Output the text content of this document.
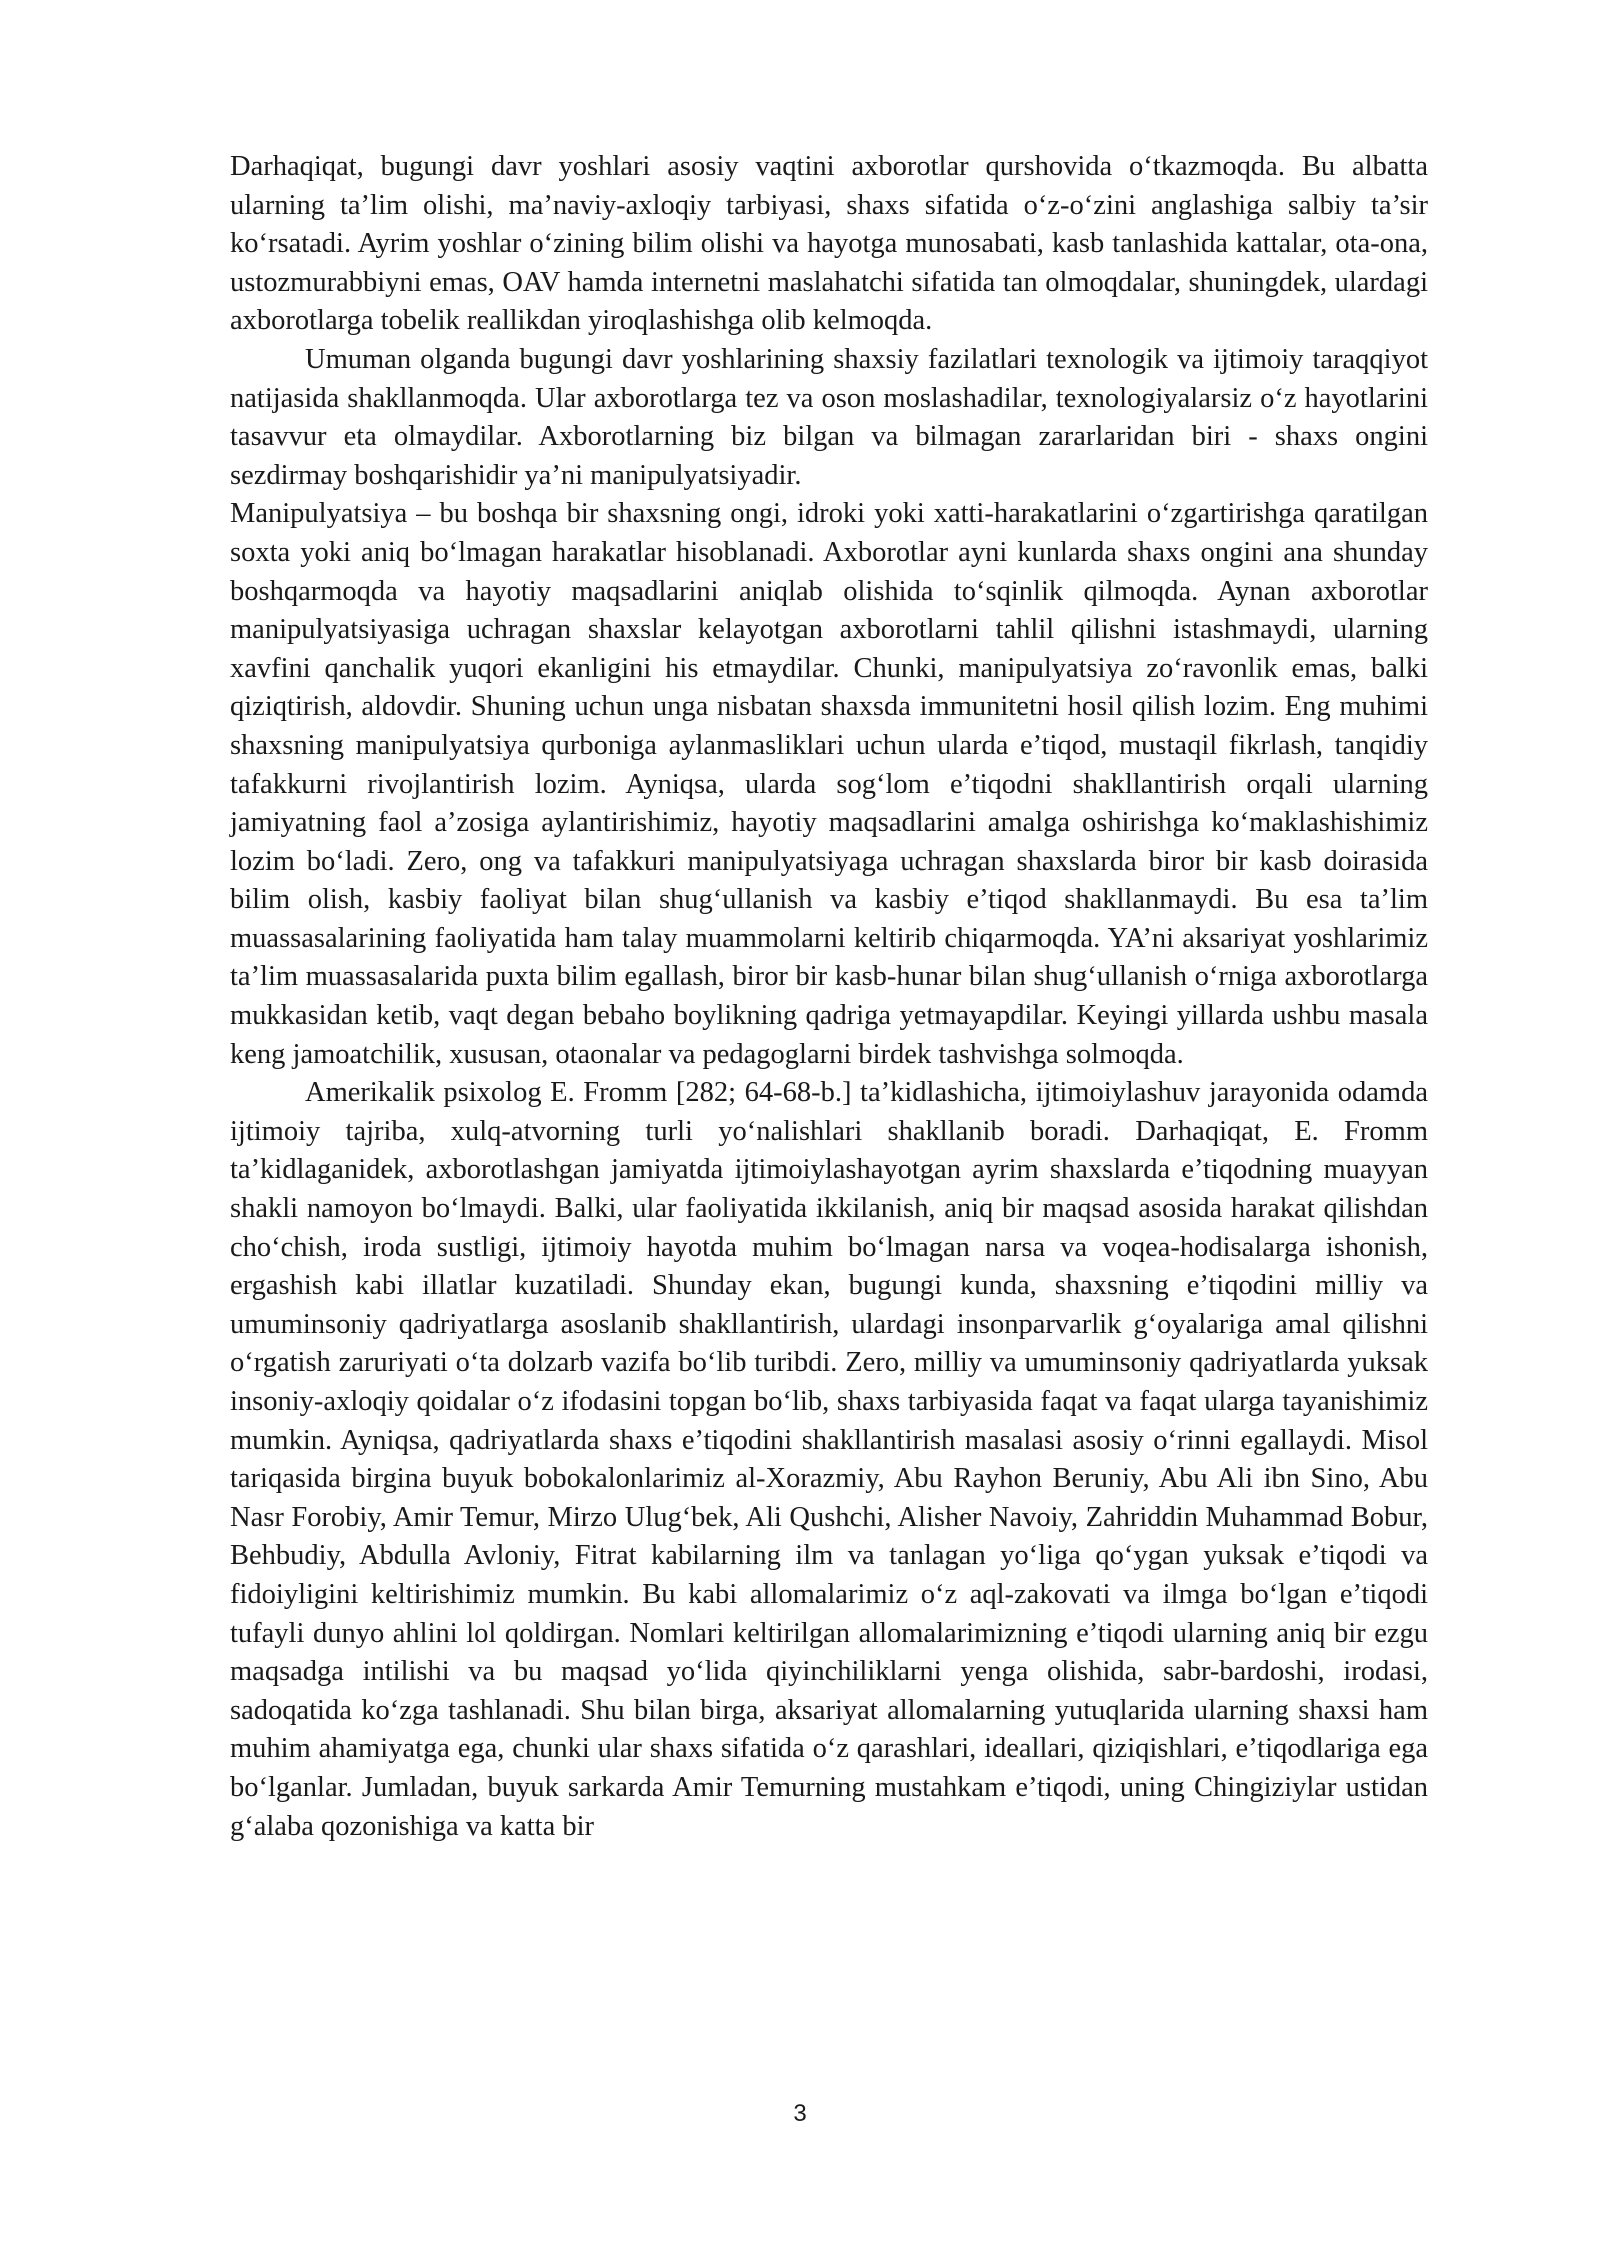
Darhaqiqat, bugungi davr yoshlari asosiy vaqtini axborotlar qurshovida o‘tkazmoqda. Bu albatta ularning ta’lim olishi, ma’naviy-axloqiy tarbiyasi, shaxs sifatida o‘z-o‘zini anglashiga salbiy ta’sir ko‘rsatadi. Ayrim yoshlar o‘zining bilim olishi va hayotga munosabati, kasb tanlashida kattalar, ota-ona, ustozmurabbiyni emas, OAV hamda internetni maslahatchi sifatida tan olmoqdalar, shuningdek, ulardagi axborotlarga tobelik reallikdan yiroqlashishga olib kelmoqda.

Umuman olganda bugungi davr yoshlarining shaxsiy fazilatlari texnologik va ijtimoiy taraqqiyot natijasida shakllanmoqda. Ular axborotlarga tez va oson moslashadilar, texnologiyalarsiz o‘z hayotlarini tasavvur eta olmaydilar. Axborotlarning biz bilgan va bilmagan zararlaridan biri - shaxs ongini sezdirmay boshqarishidir ya’ni manipulyatsiyadir.

Manipulyatsiya – bu boshqa bir shaxsning ongi, idroki yoki xatti-harakatlarini o‘zgartirishga qaratilgan soxta yoki aniq bo‘lmagan harakatlar hisoblanadi. Axborotlar ayni kunlarda shaxs ongini ana shunday boshqarmoqda va hayotiy maqsadlarini aniqlab olishida to‘sqinlik qilmoqda. Aynan axborotlar manipulyatsiyasiga uchragan shaxslar kelayotgan axborotlarni tahlil qilishni istashmaydi, ularning xavfini qanchalik yuqori ekanligini his etmaydilar. Chunki, manipulyatsiya zo‘ravonlik emas, balki qiziqtirish, aldovdir. Shuning uchun unga nisbatan shaxsda immunitetni hosil qilish lozim. Eng muhimi shaxsning manipulyatsiya qurboniga aylanmasliklari uchun ularda e’tiqod, mustaqil fikrlash, tanqidiy tafakkurni rivojlantirish lozim. Ayniqsa, ularda sog‘lom e’tiqodni shakllantirish orqali ularning jamiyatning faol a’zosiga aylantirishimiz, hayotiy maqsadlarini amalga oshirishga ko‘maklashishimiz lozim bo‘ladi. Zero, ong va tafakkuri manipulyatsiyaga uchragan shaxslarda biror bir kasb doirasida bilim olish, kasbiy faoliyat bilan shug‘ullanish va kasbiy e’tiqod shakllanmaydi. Bu esa ta’lim muassasalarining faoliyatida ham talay muammolarni keltirib chiqarmoqda. YA’ni aksariyat yoshlarimiz ta’lim muassasalarida puxta bilim egallash, biror bir kasb-hunar bilan shug‘ullanish o‘rniga axborotlarga mukkasidan ketib, vaqt degan bebaho boylikning qadriga yetmayapdilar. Keyingi yillarda ushbu masala keng jamoatchilik, xususan, otaonalar va pedagoglarni birdek tashvishga solmoqda.

Amerikalik psixolog E. Fromm [282; 64-68-b.] ta’kidlashicha, ijtimoiylashuv jarayonida odamda ijtimoiy tajriba, xulq-atvorning turli yo‘nalishlari shakllanib boradi. Darhaqiqat, E. Fromm ta’kidlaganidek, axborotlashgan jamiyatda ijtimoiylashayotgan ayrim shaxslarda e’tiqodning muayyan shakli namoyon bo‘lmaydi. Balki, ular faoliyatida ikkilanish, aniq bir maqsad asosida harakat qilishdan cho‘chish, iroda sustligi, ijtimoiy hayotda muhim bo‘lmagan narsa va voqea-hodisalarga ishonish, ergashish kabi illatlar kuzatiladi. Shunday ekan, bugungi kunda, shaxsning e’tiqodini milliy va umuminsoniy qadriyatlarga asoslanib shakllantirish, ulardagi insonparvarlik g‘oyalariga amal qilishni o‘rgatish zaruriyati o‘ta dolzarb vazifa bo‘lib turibdi. Zero, milliy va umuminsoniy qadriyatlarda yuksak insoniy-axloqiy qoidalar o‘z ifodasini topgan bo‘lib, shaxs tarbiyasida faqat va faqat ularga tayanishimiz mumkin. Ayniqsa, qadriyatlarda shaxs e’tiqodini shakllantirish masalasi asosiy o‘rinni egallaydi. Misol tariqasida birgina buyuk bobokalonlarimiz al-Xorazmiy, Abu Rayhon Beruniy, Abu Ali ibn Sino, Abu Nasr Forobiy, Amir Temur, Mirzo Ulug‘bek, Ali Qushchi, Alisher Navoiy, Zahriddin Muhammad Bobur, Behbudiy, Abdulla Avloniy, Fitrat kabilarning ilm va tanlagan yo‘liga qo‘ygan yuksak e’tiqodi va fidoiyligini keltirishimiz mumkin. Bu kabi allomalarimiz o‘z aql-zakovati va ilmga bo‘lgan e’tiqodi tufayli dunyo ahlini lol qoldirgan. Nomlari keltirilgan allomalarimizning e’tiqodi ularning aniq bir ezgu maqsadga intilishi va bu maqsad yo‘lida qiyinchiliklarni yenga olishida, sabr-bardoshi, irodasi, sadoqatida ko‘zga tashlanadi. Shu bilan birga, aksariyat allomalarning yutuqlarida ularning shaxsi ham muhim ahamiyatga ega, chunki ular shaxs sifatida o‘z qarashlari, ideallari, qiziqishlari, e’tiqodlariga ega bo‘lganlar. Jumladan, buyuk sarkarda Amir Temurning mustahkam e’tiqodi, uning Chingiziylar ustidan g‘alaba qozonishiga va katta bir

3
